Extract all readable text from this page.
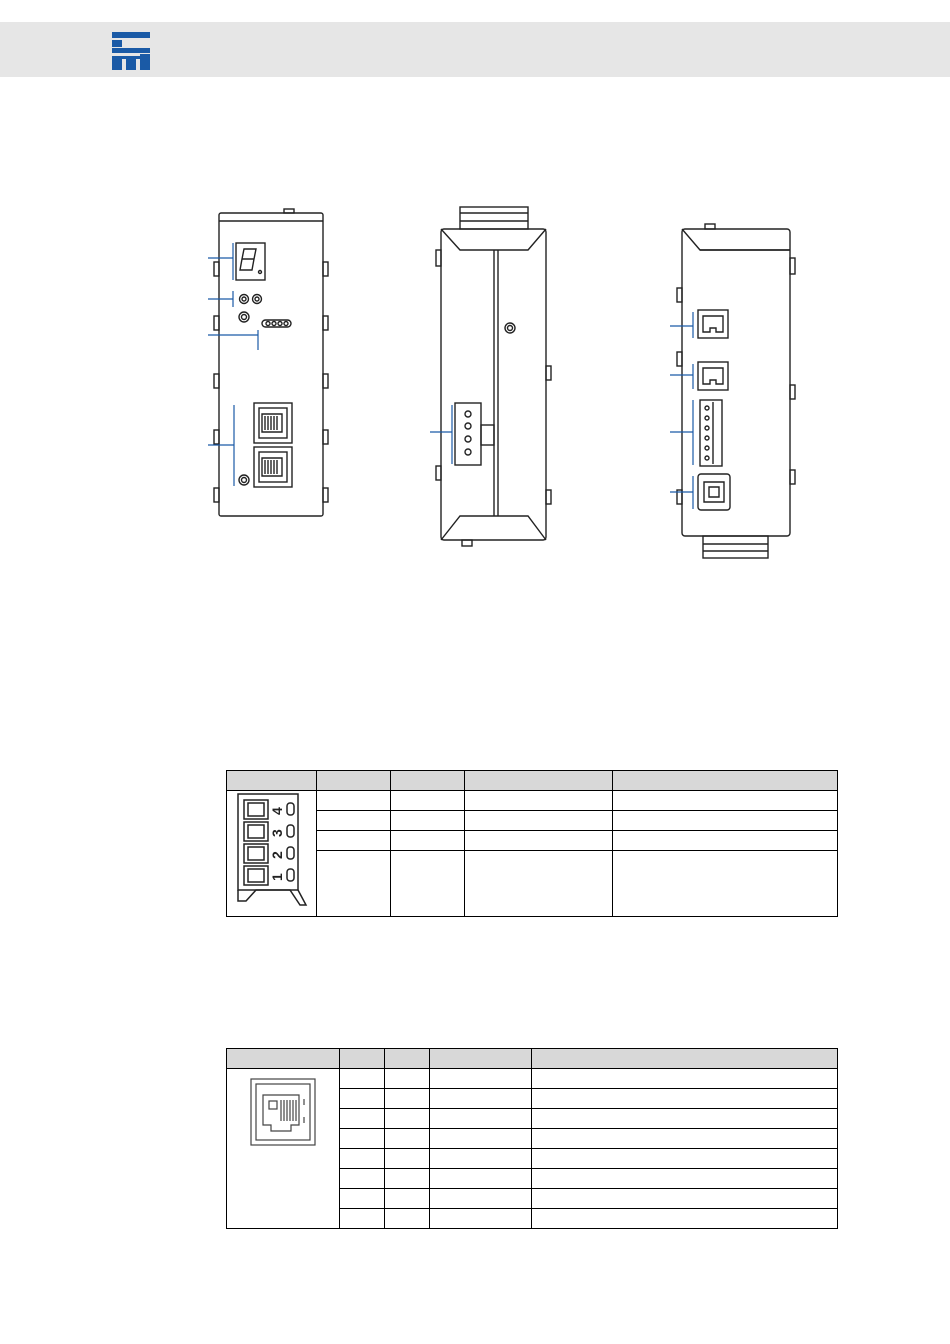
4
3
2
1				
